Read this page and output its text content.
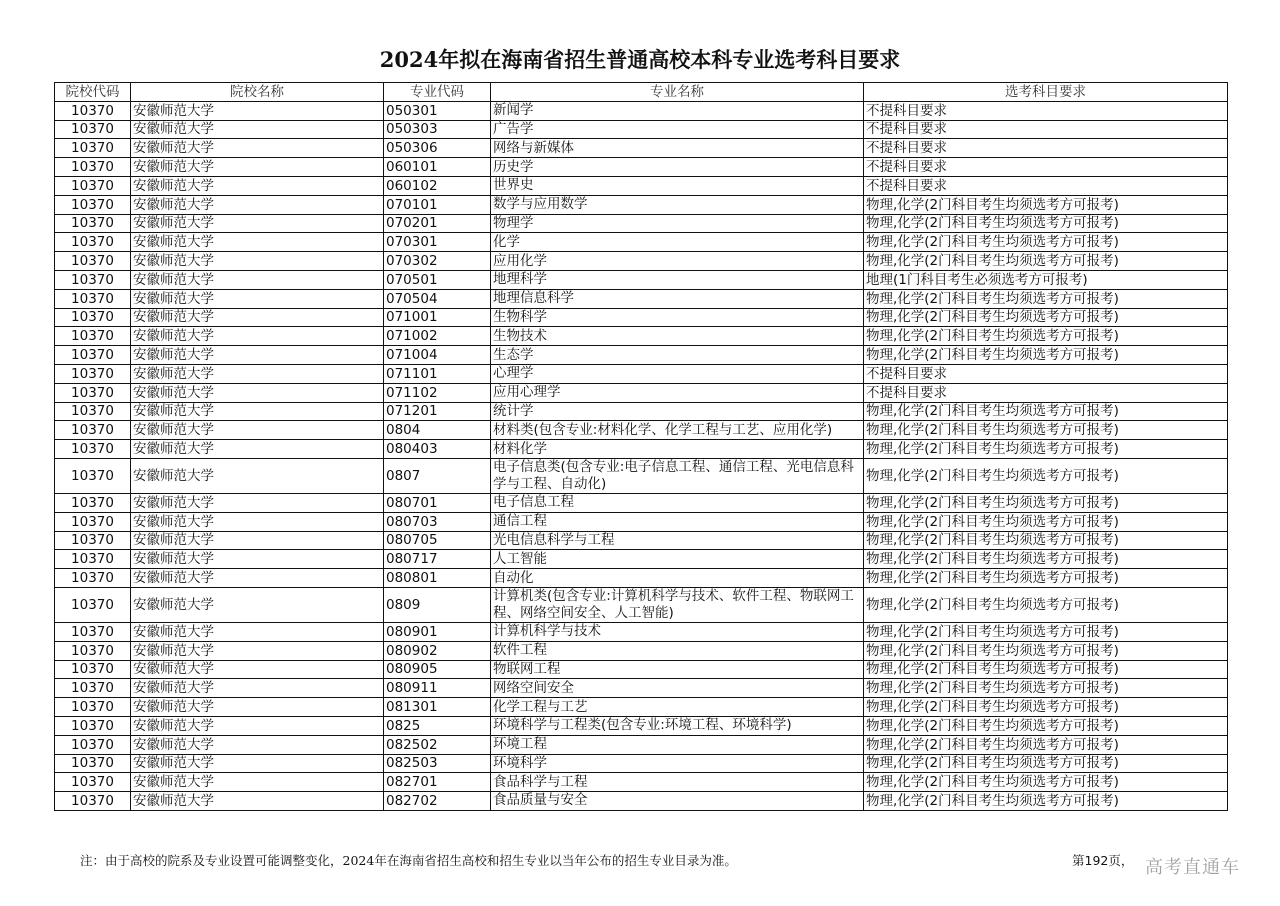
2024年拟在海南省招生普通高校本科专业选考科目要求
院校代码	院校名称	专业代码	专业名称	选考科目要求
10370	安徽师范大学	050301	新闻学	不提科目要求
10370	安徽师范大学	050303	广告学	不提科目要求
10370	安徽师范大学	050306	网络与新媒体	不提科目要求
10370	安徽师范大学	060101	历史学	不提科目要求
10370	安徽师范大学	060102	世界史	不提科目要求
10370	安徽师范大学	070101	数学与应用数学	物理,化学(2门科目考生均须选考方可报考)
10370	安徽师范大学	070201	物理学	物理,化学(2门科目考生均须选考方可报考)
10370	安徽师范大学	070301	化学	物理,化学(2门科目考生均须选考方可报考)
10370	安徽师范大学	070302	应用化学	物理,化学(2门科目考生均须选考方可报考)
10370	安徽师范大学	070501	地理科学	地理(1门科目考生必须选考方可报考)
10370	安徽师范大学	070504	地理信息科学	物理,化学(2门科目考生均须选考方可报考)
10370	安徽师范大学	071001	生物科学	物理,化学(2门科目考生均须选考方可报考)
10370	安徽师范大学	071002	生物技术	物理,化学(2门科目考生均须选考方可报考)
10370	安徽师范大学	071004	生态学	物理,化学(2门科目考生均须选考方可报考)
10370	安徽师范大学	071101	心理学	不提科目要求
10370	安徽师范大学	071102	应用心理学	不提科目要求
10370	安徽师范大学	071201	统计学	物理,化学(2门科目考生均须选考方可报考)
10370	安徽师范大学	0804	材料类(包含专业:材料化学、化学工程与工艺、应用化学)	物理,化学(2门科目考生均须选考方可报考)
10370	安徽师范大学	080403	材料化学	物理,化学(2门科目考生均须选考方可报考)
10370	安徽师范大学	0807	电子信息类(包含专业:电子信息工程、通信工程、光电信息科学与工程、自动化)	物理,化学(2门科目考生均须选考方可报考)
10370	安徽师范大学	080701	电子信息工程	物理,化学(2门科目考生均须选考方可报考)
10370	安徽师范大学	080703	通信工程	物理,化学(2门科目考生均须选考方可报考)
10370	安徽师范大学	080705	光电信息科学与工程	物理,化学(2门科目考生均须选考方可报考)
10370	安徽师范大学	080717	人工智能	物理,化学(2门科目考生均须选考方可报考)
10370	安徽师范大学	080801	自动化	物理,化学(2门科目考生均须选考方可报考)
10370	安徽师范大学	0809	计算机类(包含专业:计算机科学与技术、软件工程、物联网工程、网络空间安全、人工智能)	物理,化学(2门科目考生均须选考方可报考)
10370	安徽师范大学	080901	计算机科学与技术	物理,化学(2门科目考生均须选考方可报考)
10370	安徽师范大学	080902	软件工程	物理,化学(2门科目考生均须选考方可报考)
10370	安徽师范大学	080905	物联网工程	物理,化学(2门科目考生均须选考方可报考)
10370	安徽师范大学	080911	网络空间安全	物理,化学(2门科目考生均须选考方可报考)
10370	安徽师范大学	081301	化学工程与工艺	物理,化学(2门科目考生均须选考方可报考)
10370	安徽师范大学	0825	环境科学与工程类(包含专业:环境工程、环境科学)	物理,化学(2门科目考生均须选考方可报考)
10370	安徽师范大学	082502	环境工程	物理,化学(2门科目考生均须选考方可报考)
10370	安徽师范大学	082503	环境科学	物理,化学(2门科目考生均须选考方可报考)
10370	安徽师范大学	082701	食品科学与工程	物理,化学(2门科目考生均须选考方可报考)
10370	安徽师范大学	082702	食品质量与安全	物理,化学(2门科目考生均须选考方可报考)
注：由于高校的院系及专业设置可能调整变化，2024年在海南省招生高校和招生专业以当年公布的招生专业目录为准。	第192页， 高考直通车
